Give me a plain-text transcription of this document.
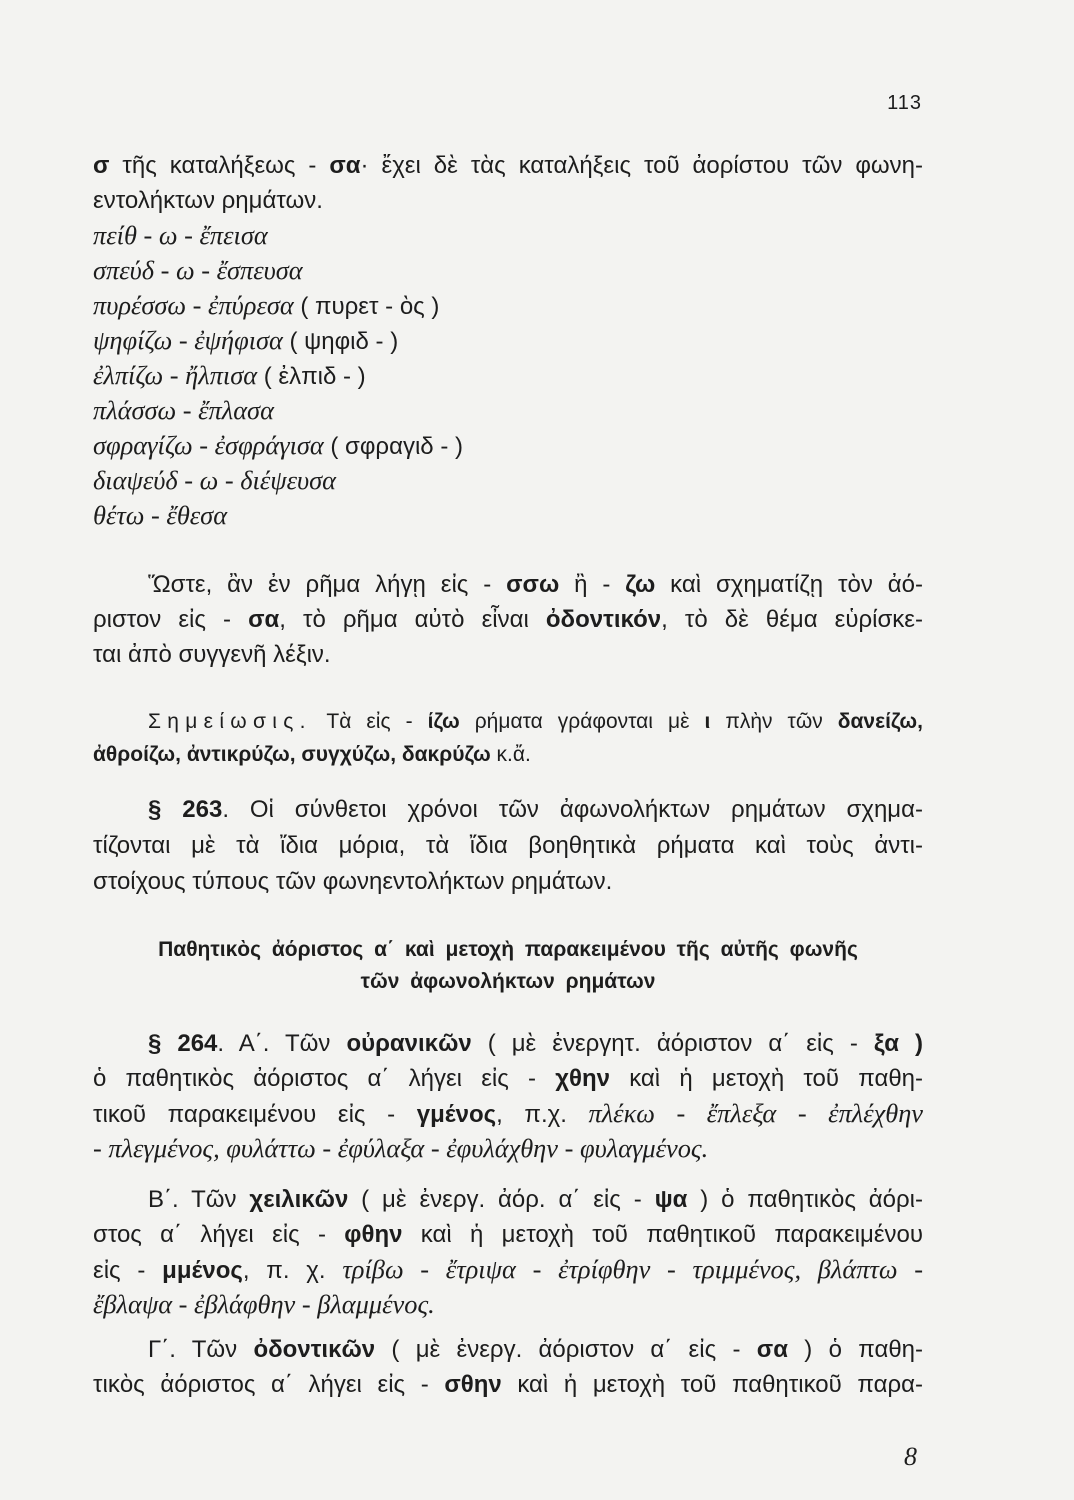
113
σ τῆς καταλήξεως - σα· ἔχει δὲ τὰς καταλήξεις τοῦ ἀορίστου τῶν φωνη-
εντολήκτων ρημάτων.
πείθ - ω - ἔπεισα
σπεύδ - ω - ἔσπευσα
πυρέσσω - ἐπύρεσα ( πυρετ - ὸς )
ψηφίζω - ἐψήφισα ( ψηφιδ - )
ἐλπίζω - ἤλπισα ( ἐλπιδ - )
πλάσσω - ἔπλασα
σφραγίζω - ἐσφράγισα ( σφραγιδ - )
διαψεύδ - ω - διέψευσα
θέτω - ἔθεσα
Ὥστε, ἂν ἐν ρῆμα λήγῃ εἰς - σσω ἢ - ζω καὶ σχηματίζῃ τὸν ἀό-
ριστον εἰς - σα, τὸ ρῆμα αὐτὸ εἶναι ὀδοντικόν, τὸ δὲ θέμα εὑρίσκε-
ται ἀπὸ συγγενῆ λέξιν.
Σημείωσις. Τὰ εἰς - ίζω ρήματα γράφονται μὲ ι πλὴν τῶν δανείζω,
ἀθροίζω, ἀντικρύζω, συγχύζω, δακρύζω κ.ἄ.
§ 263. Οἱ σύνθετοι χρόνοι τῶν ἀφωνολήκτων ρημάτων σχημα-
τίζονται μὲ τὰ ἴδια μόρια, τὰ ἴδια βοηθητικὰ ρήματα καὶ τοὺς ἀντι-
στοίχους τύπους τῶν φωνηεντολήκτων ρημάτων.
Παθητικὸς ἀόριστος α΄ καὶ μετοχὴ παρακειμένου τῆς αὐτῆς φωνῆς
τῶν ἀφωνολήκτων ρημάτων
§ 264. Α΄. Τῶν οὐρανικῶν ( μὲ ἐνεργητ. ἀόριστον α΄ εἰς - ξα )
ὁ παθητικὸς ἀόριστος α΄ λήγει εἰς - χθην καὶ ἡ μετοχὴ τοῦ παθη-
τικοῦ παρακειμένου εἰς - γμένος, π.χ. πλέκω - ἔπλεξα - ἐπλέχθην
- πλεγμένος, φυλάττω - ἐφύλαξα - ἐφυλάχθην - φυλαγμένος.
Β΄. Τῶν χειλικῶν ( μὲ ἐνεργ. ἀόρ. α΄ εἰς - ψα ) ὁ παθητικὸς ἀόρι-
στος α΄ λήγει εἰς - φθην καὶ ἡ μετοχὴ τοῦ παθητικοῦ παρακειμένου
εἰς - μμένος, π. χ. τρίβω - ἔτριψα - ἐτρίφθην - τριμμένος, βλάπτω -
ἔβλαψα - ἐβλάφθην - βλαμμένος.
Γ΄. Τῶν ὀδοντικῶν ( μὲ ἐνεργ. ἀόριστον α΄ εἰς - σα ) ὁ παθη-
τικὸς ἀόριστος α΄ λήγει εἰς - σθην καὶ ἡ μετοχὴ τοῦ παθητικοῦ παρα-
8
